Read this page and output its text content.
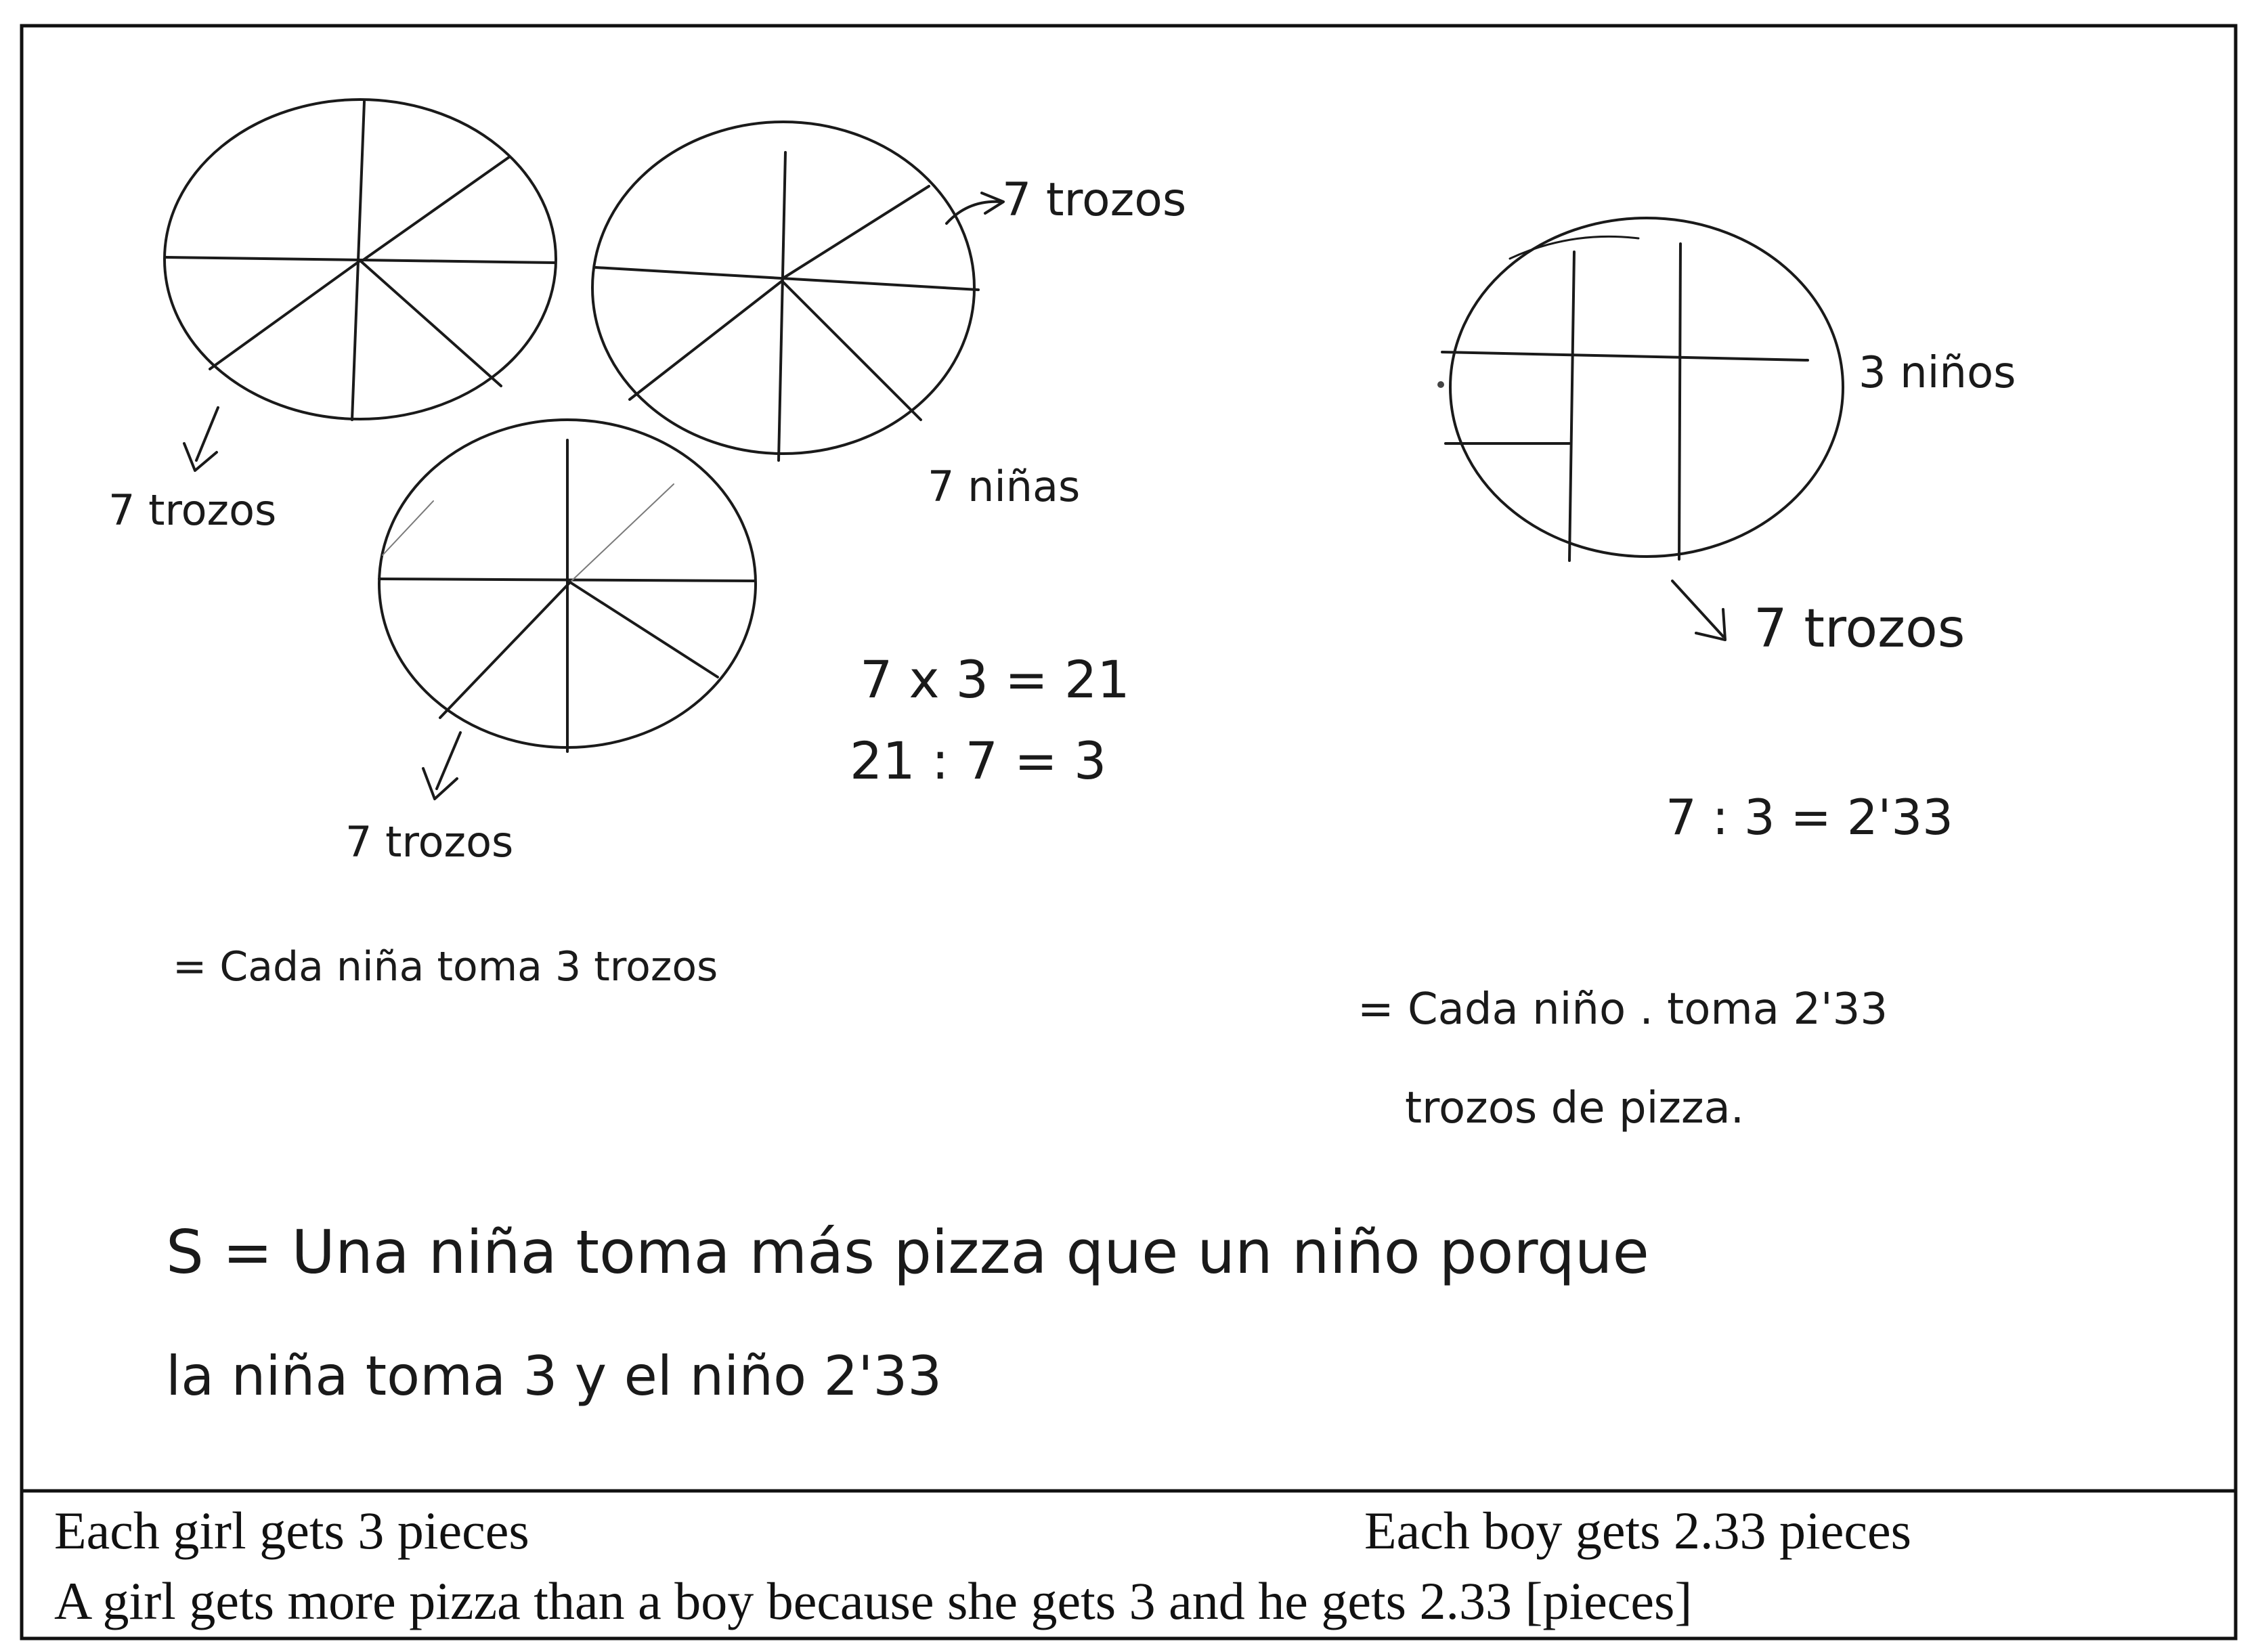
7 trozos
7 trozos
7 trozos
7 niñas
3 niños
7 trozos
7 x 3 = 21
21 : 7 = 3
7 : 3 = 2'33
= Cada niña toma 3 trozos
= Cada niño . toma 2'33
trozos de pizza.
S = Una niña toma más pizza que un niño porque
la niña toma 3 y el niño 2'33
Each girl gets 3 pieces	Each boy gets 2.33 pieces
A girl gets more pizza than a boy because she gets 3 and he gets 2.33 [pieces]
